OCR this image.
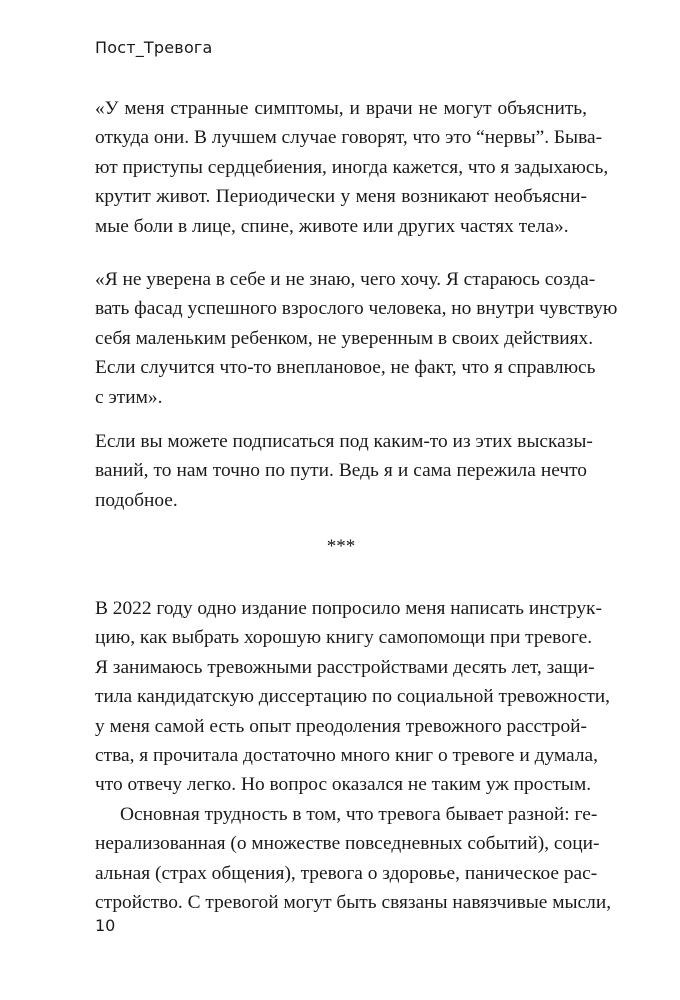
Пост_Тревога
«У меня странные симптомы, и врачи не могут объяснить,
откуда они. В лучшем случае говорят, что это “нервы”. Быва-
ют приступы сердцебиения, иногда кажется, что я задыхаюсь,
крутит живот. Периодически у меня возникают необъясни-
мые боли в лице, спине, животе или других частях тела».
«Я не уверена в себе и не знаю, чего хочу. Я стараюсь созда-
вать фасад успешного взрослого человека, но внутри чувствую
себя маленьким ребенком, не уверенным в своих действиях.
Если случится что-то внеплановое, не факт, что я справлюсь
с этим».
Если вы можете подписаться под каким-то из этих высказы-
ваний, то нам точно по пути. Ведь я и сама пережила нечто
подобное.
***
В 2022 году одно издание попросило меня написать инструк-
цию, как выбрать хорошую книгу самопомощи при тревоге.
Я занимаюсь тревожными расстройствами десять лет, защи-
тила кандидатскую диссертацию по социальной тревожности,
у меня самой есть опыт преодоления тревожного расстрой-
ства, я прочитала достаточно много книг о тревоге и думала,
что отвечу легко. Но вопрос оказался не таким уж простым.
Основная трудность в том, что тревога бывает разной: ге-
нерализованная (о множестве повседневных событий), соци-
альная (страх общения), тревога о здоровье, паническое рас-
стройство. С тревогой могут быть связаны навязчивые мысли,
10
